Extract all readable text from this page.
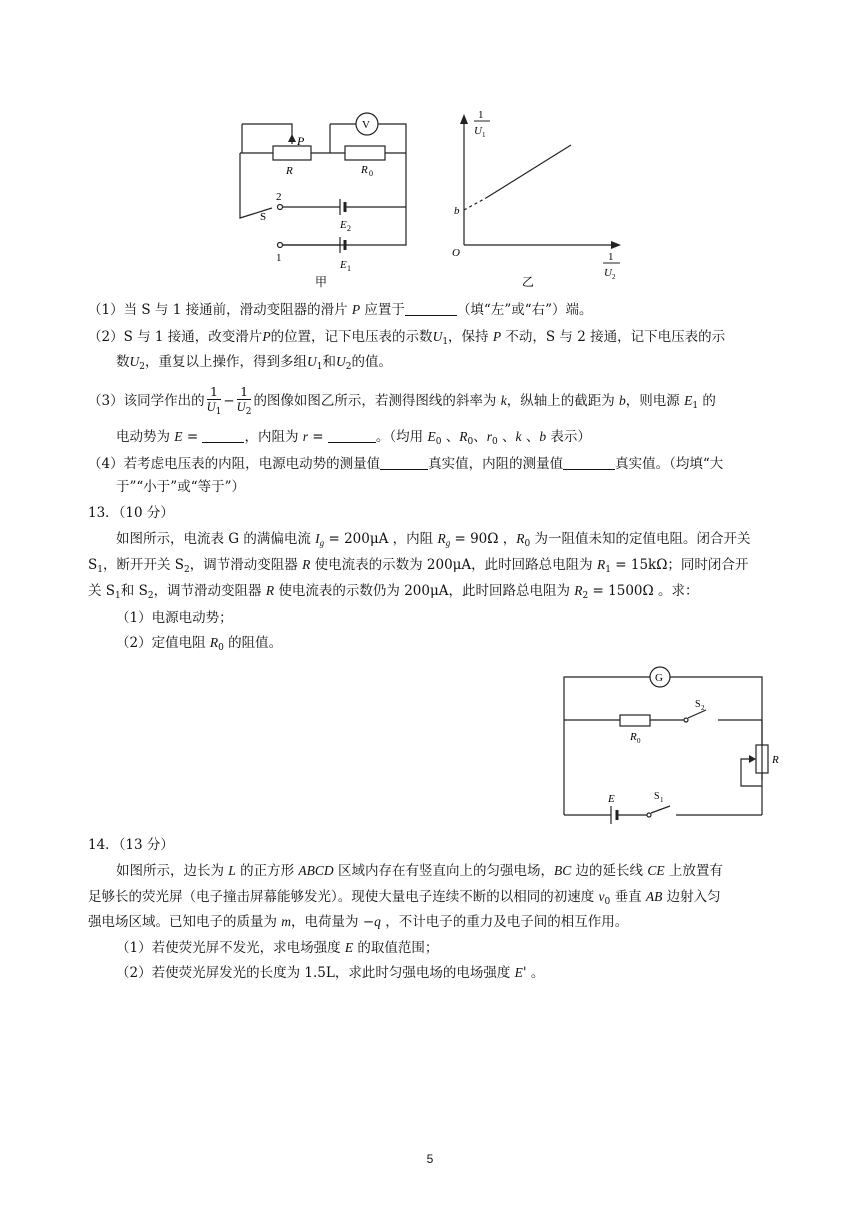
P
R	R 0
V
S
2
1
E 2
E 1
甲
1
U 1
1
U 2
O
b
乙
（1）当 S 与 1 接通前，滑动变阻器的滑片 P 应置于	（填“左”或“右”）端。
（2）S 与 1 接通，改变滑片P的位置，记下电压表的示数$U_1$，保持 P 不动，S 与 2 接通，记下电压表的示
数$U_2$，重复以上操作，得到多组$U_1$和$U_2$的值。
（3）该同学作出的 $\frac{1}{U_1} - \frac{1}{U_2}$ 的图像如图乙所示，若测得图线的斜率为 k，纵轴上的截距为 b，则电源 $E_1$ 的
电动势为 E =	，内阻为 r =	。（均用 $E_0$ 、$R_0$、$r_0$ 、k 、b 表示）
（4）若考虑电压表的内阻，电源电动势的测量值	真实值，内阻的测量值	真实值。（均填“大
于”“小于”或“等于”）
13．（10 分）
如图所示，电流表 G 的满偏电流 $I_g = 200\mu A$ ，内阻 $R_g = 90\Omega$ ，$R_0$ 为一阻值未知的定值电阻。闭合开关
$S_1$，断开开关 $S_2$，调节滑动变阻器 R 使电流表的示数为 200μA，此时回路总电阻为 $R_1 = 15k\Omega$；同时闭合开
关 $S_1$和 $S_2$，调节滑动变阻器 R 使电流表的示数仍为 200μA，此时回路总电阻为 $R_2 = 1500\Omega$ 。求：
（1）电源电动势；
（2）定值电阻 $R_0$ 的阻值。
G
S 2
R 0
R
E	S 1
14．（13 分）
如图所示，边长为 L 的正方形 ABCD 区域内存在有竖直向上的匀强电场，BC 边的延长线 CE 上放置有
足够长的荧光屏（电子撞击屏幕能够发光）。现使大量电子连续不断的以相同的初速度 $v_0$ 垂直 AB 边射入匀
强电场区域。已知电子的质量为 m，电荷量为 −q ，不计电子的重力及电子间的相互作用。
（1）若使荧光屏不发光，求电场强度 E 的取值范围；
（2）若使荧光屏发光的长度为 1.5L，求此时匀强电场的电场强度 E' 。
5
